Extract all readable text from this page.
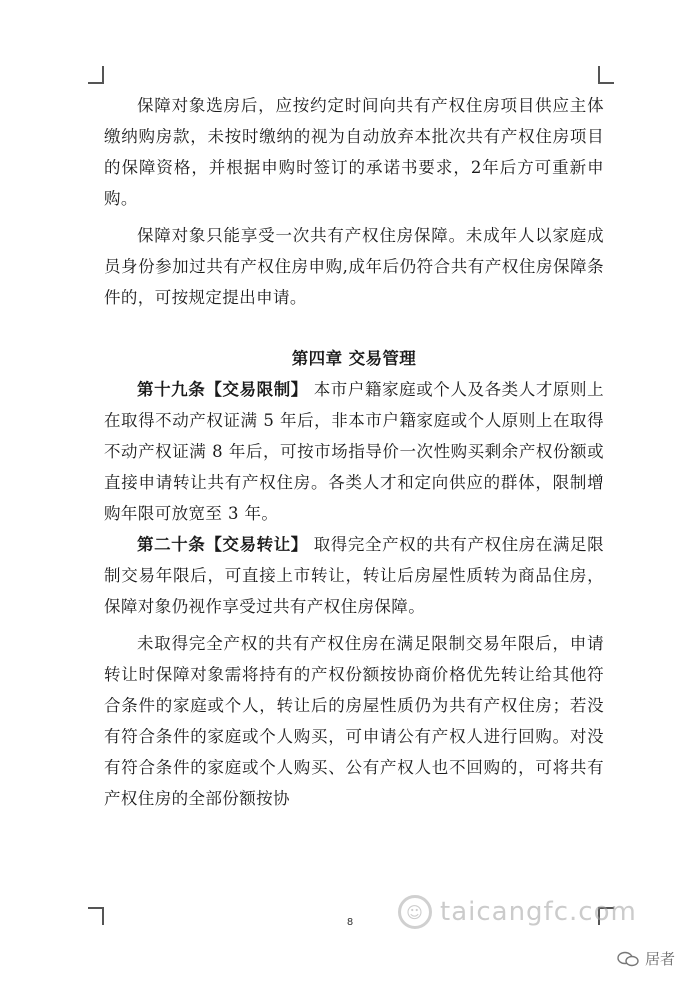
保障对象选房后，应按约定时间向共有产权住房项目供应主体缴纳购房款，未按时缴纳的视为自动放弃本批次共有产权住房项目的保障资格，并根据申购时签订的承诺书要求，2年后方可重新申购。

保障对象只能享受一次共有产权住房保障。未成年人以家庭成员身份参加过共有产权住房申购,成年后仍符合共有产权住房保障条件的，可按规定提出申请。

第四章 交易管理

第十九条【交易限制】 本市户籍家庭或个人及各类人才原则上在取得不动产权证满 5 年后，非本市户籍家庭或个人原则上在取得不动产权证满 8 年后，可按市场指导价一次性购买剩余产权份额或直接申请转让共有产权住房。各类人才和定向供应的群体，限制增购年限可放宽至 3 年。

第二十条【交易转让】 取得完全产权的共有产权住房在满足限制交易年限后，可直接上市转让，转让后房屋性质转为商品住房，保障对象仍视作享受过共有产权住房保障。

未取得完全产权的共有产权住房在满足限制交易年限后，申请转让时保障对象需将持有的产权份额按协商价格优先转让给其他符合条件的家庭或个人，转让后的房屋性质仍为共有产权住房；若没有符合条件的家庭或个人购买，可申请公有产权人进行回购。对没有符合条件的家庭或个人购买、公有产权人也不回购的，可将共有产权住房的全部份额按协

8
☺ taicangfc.com
居者
